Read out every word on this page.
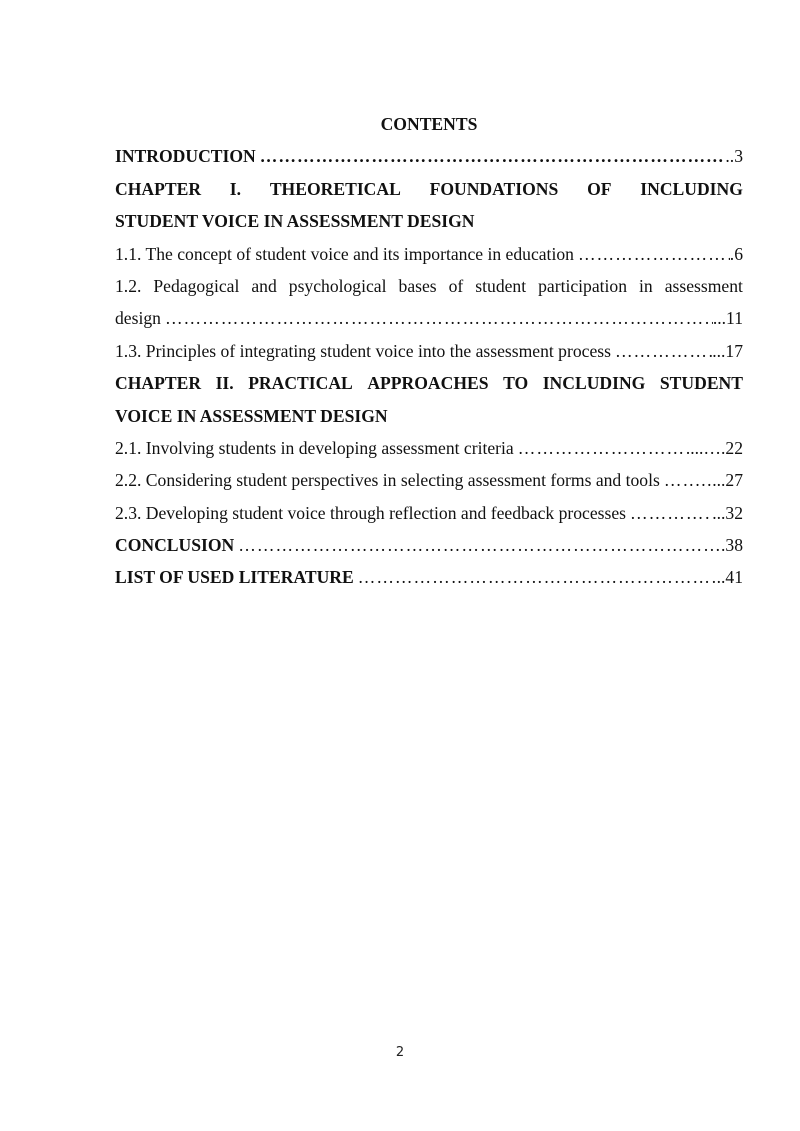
CONTENTS
INTRODUCTION …………………………………………………………………………………………………………………………………………………………………………………………………………	..3
CHAPTER I. THEORETICAL FOUNDATIONS OF INCLUDING
STUDENT VOICE IN ASSESSMENT DESIGN
1.1. The concept of student voice and its importance in education …………………………………………………………………………………………………………………………………………………………………………………………………………	.6
1.2. Pedagogical and psychological bases of student participation in assessment
design …………………………………………………………………………………………………………………………………………………………………………………………………………	...11
1.3. Principles of integrating student voice into the assessment process …………………………………………………………………………………………………………………………………………………………………………………………………………	...17
CHAPTER II. PRACTICAL APPROACHES TO INCLUDING STUDENT
VOICE IN ASSESSMENT DESIGN
2.1. Involving students in developing assessment criteria …………………………………………………………………………………………………………………………………………………………………………………………………………	...….22
2.2. Considering student perspectives in selecting assessment forms and tools ………………………………………………………………………………………………………………………………………………………………………………………………………… …...27
2.3. Developing student voice through reflection and feedback processes …………………………………………………………………………………………………………………………………………………………………………………………………………	...32
CONCLUSION …………………………………………………………………………………………………………………………………………………………………………………………………………	.38
LIST OF USED LITERATURE …………………………………………………………………………………………………………………………………………………………………………………………………………	..41
2
